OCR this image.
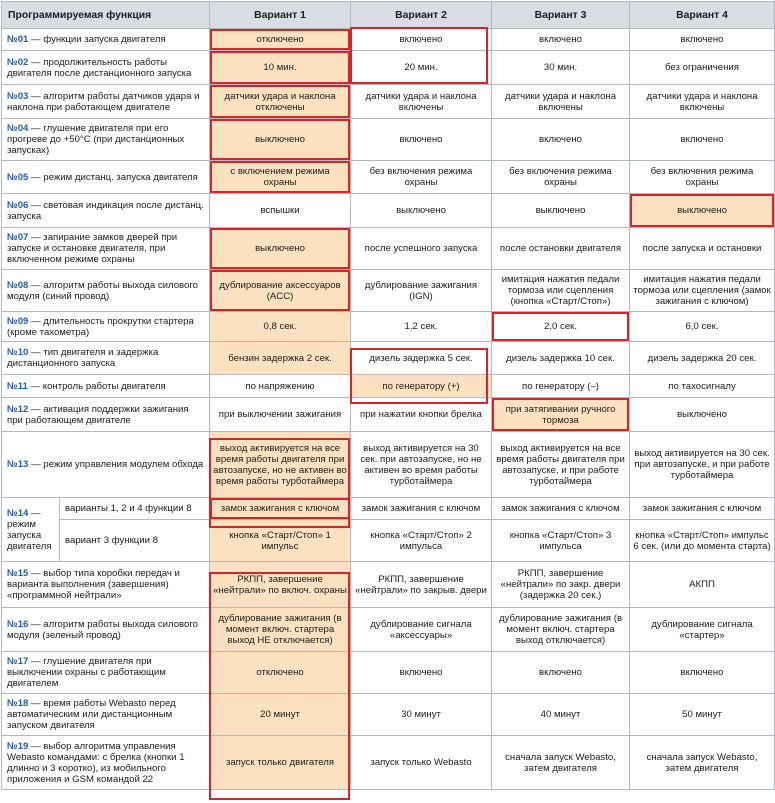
Программируемая функция		Вариант 1	Вариант 2	Вариант 3	Вариант 4
№01 — функции запуска двигателя		отключено	включено	включено	включено
№02 — продолжительность работы двигателя после дистанционного запуска		10 мин.	20 мин.	30 мин.	без ограничения
№03 — алгоритм работы датчиков удара и наклона при работающем двигателе		датчики удара и наклона отключены	датчики удара и наклона включены	датчики удара и наклона включены	датчики удара и наклона включены
№04 — глушение двигателя при его прогреве до +50°С (при дистанционных запусках)		выключено	включено	включено	включено
№05 — режим дистанц. запуска двигателя		с включением режима охраны	без включения режима охраны	без включения режима охраны	без включения режима охраны
№06 — световая индикация после дистанц. запуска		вспышки	выключено	выключено	выключено
№07 — запирание замков дверей при запуске и остановке двигателя, при включенном режиме охраны		выключено	после успешного запуска	после остановки двигателя	после запуска и остановки
№08 — алгоритм работы выхода силового модуля (синий провод)		дублирование аксессуаров (ACC)	дублирование зажигания (IGN)	имитация нажатия педали тормоза или сцепления (кнопка «Старт/Стоп»)	имитация нажатия педали тормоза или сцепления (замок зажигания с ключом)
№09 — длительность прокрутки стартера (кроме тахометра)		0,8 сек.	1,2 сек.	2,0 сек.	6,0 сек.
№10 — тип двигателя и задержка дистанционного запуска		бензин задержка 2 сек.	дизель задержка 5 сек.	дизель задержка 10 сек.	дизель задержка 20 сек.
№11 — контроль работы двигателя		по напряжению	по генератору (+)	по генератору (–)	по тахосигналу
№12 — активация поддержки зажигания при работающем двигателе		при выключении зажигания	при нажатии кнопки брелка	при затягивании ручного тормоза	выключено
№13 — режим управления модулем обхода		выход активируется на все время работы двигателя при автозапуске, но не активен во время работы турботаймера	выход активируется на 30 сек. при автозапуске, но не активен во время работы турботаймера	выход активируется на все время работы двигателя при автозапуске, и при работе турботаймера	выход активируется на 30 сек. при автозапуске, и при работе турботаймера
№14 — режим запуска двигателя	варианты 1, 2 и 4 функции 8	замок зажигания с ключом	замок зажигания с ключом	замок зажигания с ключом	замок зажигания с ключом
	вариант 3 функции 8	кнопка «Старт/Стоп» 1 импульс	кнопка «Старт/Стоп» 2 импульса	кнопка «Старт/Стоп» 3 импульса	кнопка «Старт/Стоп» импульс 6 сек. (или до момента старта)
№15 — выбор типа коробки передач и варианта выполнения (завершения) «программной нейтрали»		РКПП, завершение «нейтрали» по включ. охраны	РКПП, завершение «нейтрали» по закрыв. двери	РКПП, завершение «нейтрали» по закр. двери (задержка 20 сек.)	АКПП
№16 — алгоритм работы выхода силового модуля (зеленый провод)		дублирование зажигания (в момент включ. стартера выход НЕ отключается)	дублирование сигнала «аксессуары»	дублирование зажигания (в момент включ. стартера выход отключается)	дублирование сигнала «стартер»
№17 — глушение двигателя при выключении охраны с работающим двигателем		отключено	включено	включено	включено
№18 — время работы Webasto перед автоматическим или дистанционным запуском двигателя		20 минут	30 минут	40 минут	50 минут
№19 — выбор алгоритма управления Webasto командами: с брелка (кнопки 1 длинно и 3 коротко), из мобильного приложения и GSM командой 22		запуск только двигателя	запуск только Webasto	сначала запуск Webasto, затем двигателя	сначала запуск Webasto, затем двигателя
